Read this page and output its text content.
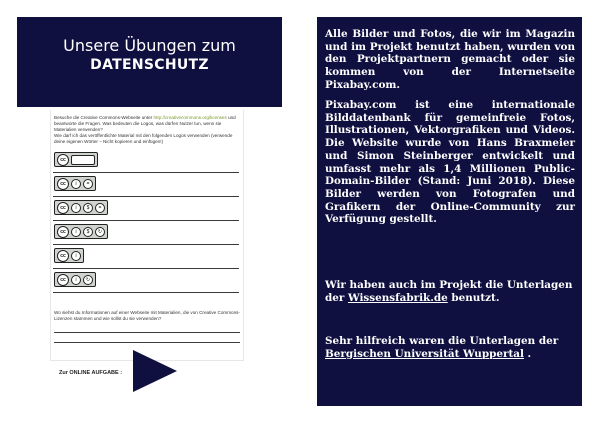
Unsere Übungen zum
DATENSCHUTZ
Besuche die Creative Commons-Webseite unter http://creativecommons.org/licenses und beantworte die Fragen. Was bedeuten die Logos, was dürfen Nutzer tun, wenn sie Materialien verwenden?
Wie darf ich das veröffentlichte Material mit den folgenden Logos verwenden (verwende deine eigenen Wörter – Nicht kopieren und einfügen!)
cc
cc	i	=
cc	i	$	=
cc	i	$	↻
cc	i
cc	i	↻
Wo siehst du Informationen auf einer Webseite mit Materialien, die von Creative Commons-Lizenzen stammen und wie sollst du sie verwenden?
Zur ONLINE AUFGABE :

Alle Bilder und Fotos, die wir im Magazin und im Projekt benutzt haben, wurden von den Projektpartnern gemacht oder sie kommen von der Internetseite Pixabay.com.

Pixabay.com ist eine internationale Bilddatenbank für gemeinfreie Fotos, Illustrationen, Vektorgrafiken und Videos. Die Website wurde von Hans Braxmeier und Simon Steinberger entwickelt und umfasst mehr als 1,4 Millionen Public-Domain-Bilder (Stand: Juni 2018). Diese Bilder werden von Fotografen und Grafikern der Online-Community zur Verfügung gestellt.

Wir haben auch im Projekt die Unterlagen der Wissensfabrik.de benutzt.

Sehr hilfreich waren die Unterlagen der Bergischen Universität Wuppertal .
